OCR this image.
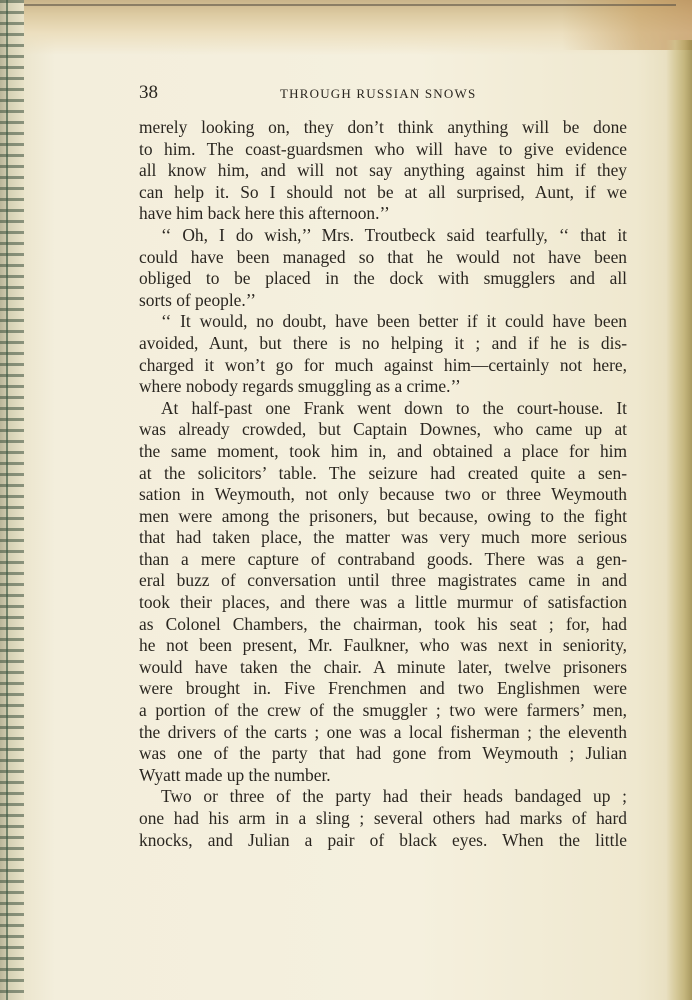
38	THROUGH RUSSIAN SNOWS
merely looking on, they don’t think anything will be done
to him. The coast-guardsmen who will have to give evidence
all know him, and will not say anything against him if they
can help it. So I should not be at all surprised, Aunt, if we
have him back here this afternoon.’’
‘‘ Oh, I do wish,’’ Mrs. Troutbeck said tearfully, ‘‘ that it
could have been managed so that he would not have been
obliged to be placed in the dock with smugglers and all
sorts of people.’’
‘‘ It would, no doubt, have been better if it could have been
avoided, Aunt, but there is no helping it ; and if he is dis-
charged it won’t go for much against him—certainly not here,
where nobody regards smuggling as a crime.’’
At half-past one Frank went down to the court-house. It
was already crowded, but Captain Downes, who came up at
the same moment, took him in, and obtained a place for him
at the solicitors’ table. The seizure had created quite a sen-
sation in Weymouth, not only because two or three Weymouth
men were among the prisoners, but because, owing to the fight
that had taken place, the matter was very much more serious
than a mere capture of contraband goods. There was a gen-
eral buzz of conversation until three magistrates came in and
took their places, and there was a little murmur of satisfaction
as Colonel Chambers, the chairman, took his seat ; for, had
he not been present, Mr. Faulkner, who was next in seniority,
would have taken the chair. A minute later, twelve prisoners
were brought in. Five Frenchmen and two Englishmen were
a portion of the crew of the smuggler ; two were farmers’ men,
the drivers of the carts ; one was a local fisherman ; the eleventh
was one of the party that had gone from Weymouth ; Julian
Wyatt made up the number.
Two or three of the party had their heads bandaged up ;
one had his arm in a sling ; several others had marks of hard
knocks, and Julian a pair of black eyes. When the little
